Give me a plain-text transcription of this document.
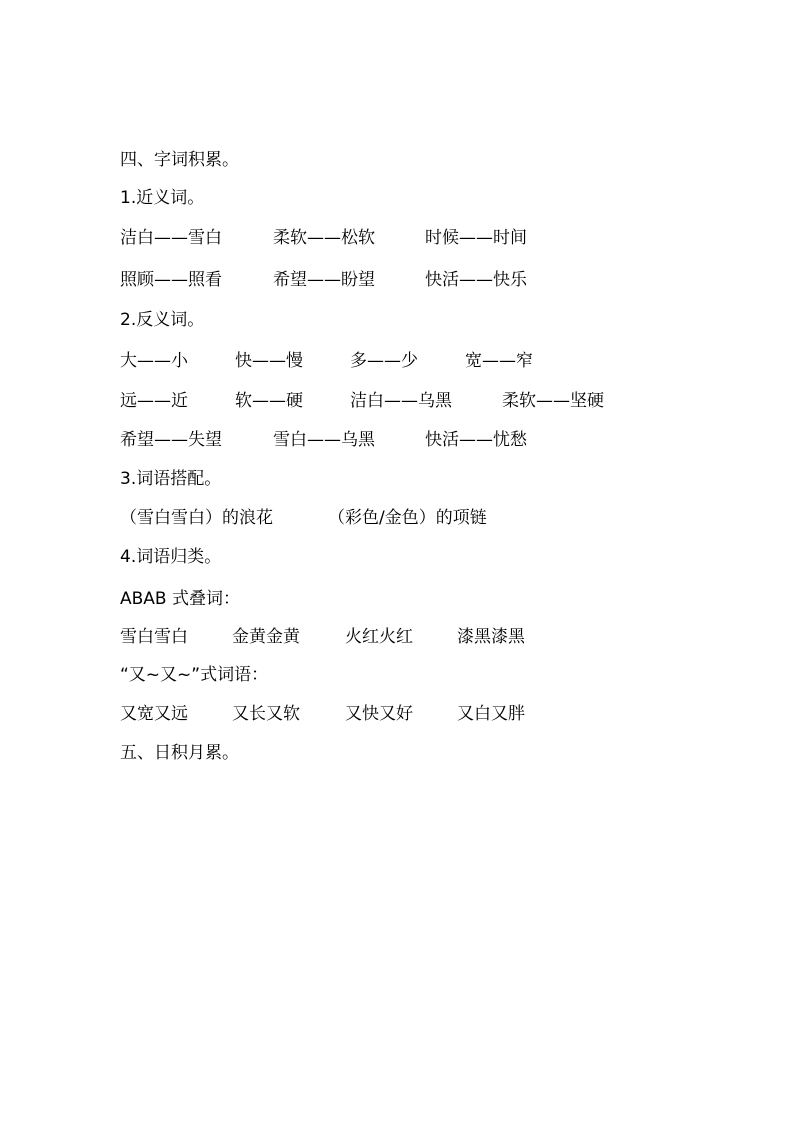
四、字词积累。
1.近义词。
洁白——雪白	柔软——松软	时候——时间
照顾——照看	希望——盼望	快活——快乐
2.反义词。
大——小	快——慢	多——少	宽——窄
远——近	软——硬	洁白——乌黑	柔软——坚硬
希望——失望	雪白——乌黑	快活——忧愁
3.词语搭配。
（雪白雪白）的浪花	（彩色/金色）的项链
4.词语归类。
ABAB 式叠词：
雪白雪白	金黄金黄	火红火红	漆黑漆黑
“又~又~”式词语：
又宽又远	又长又软	又快又好	又白又胖
五、日积月累。
